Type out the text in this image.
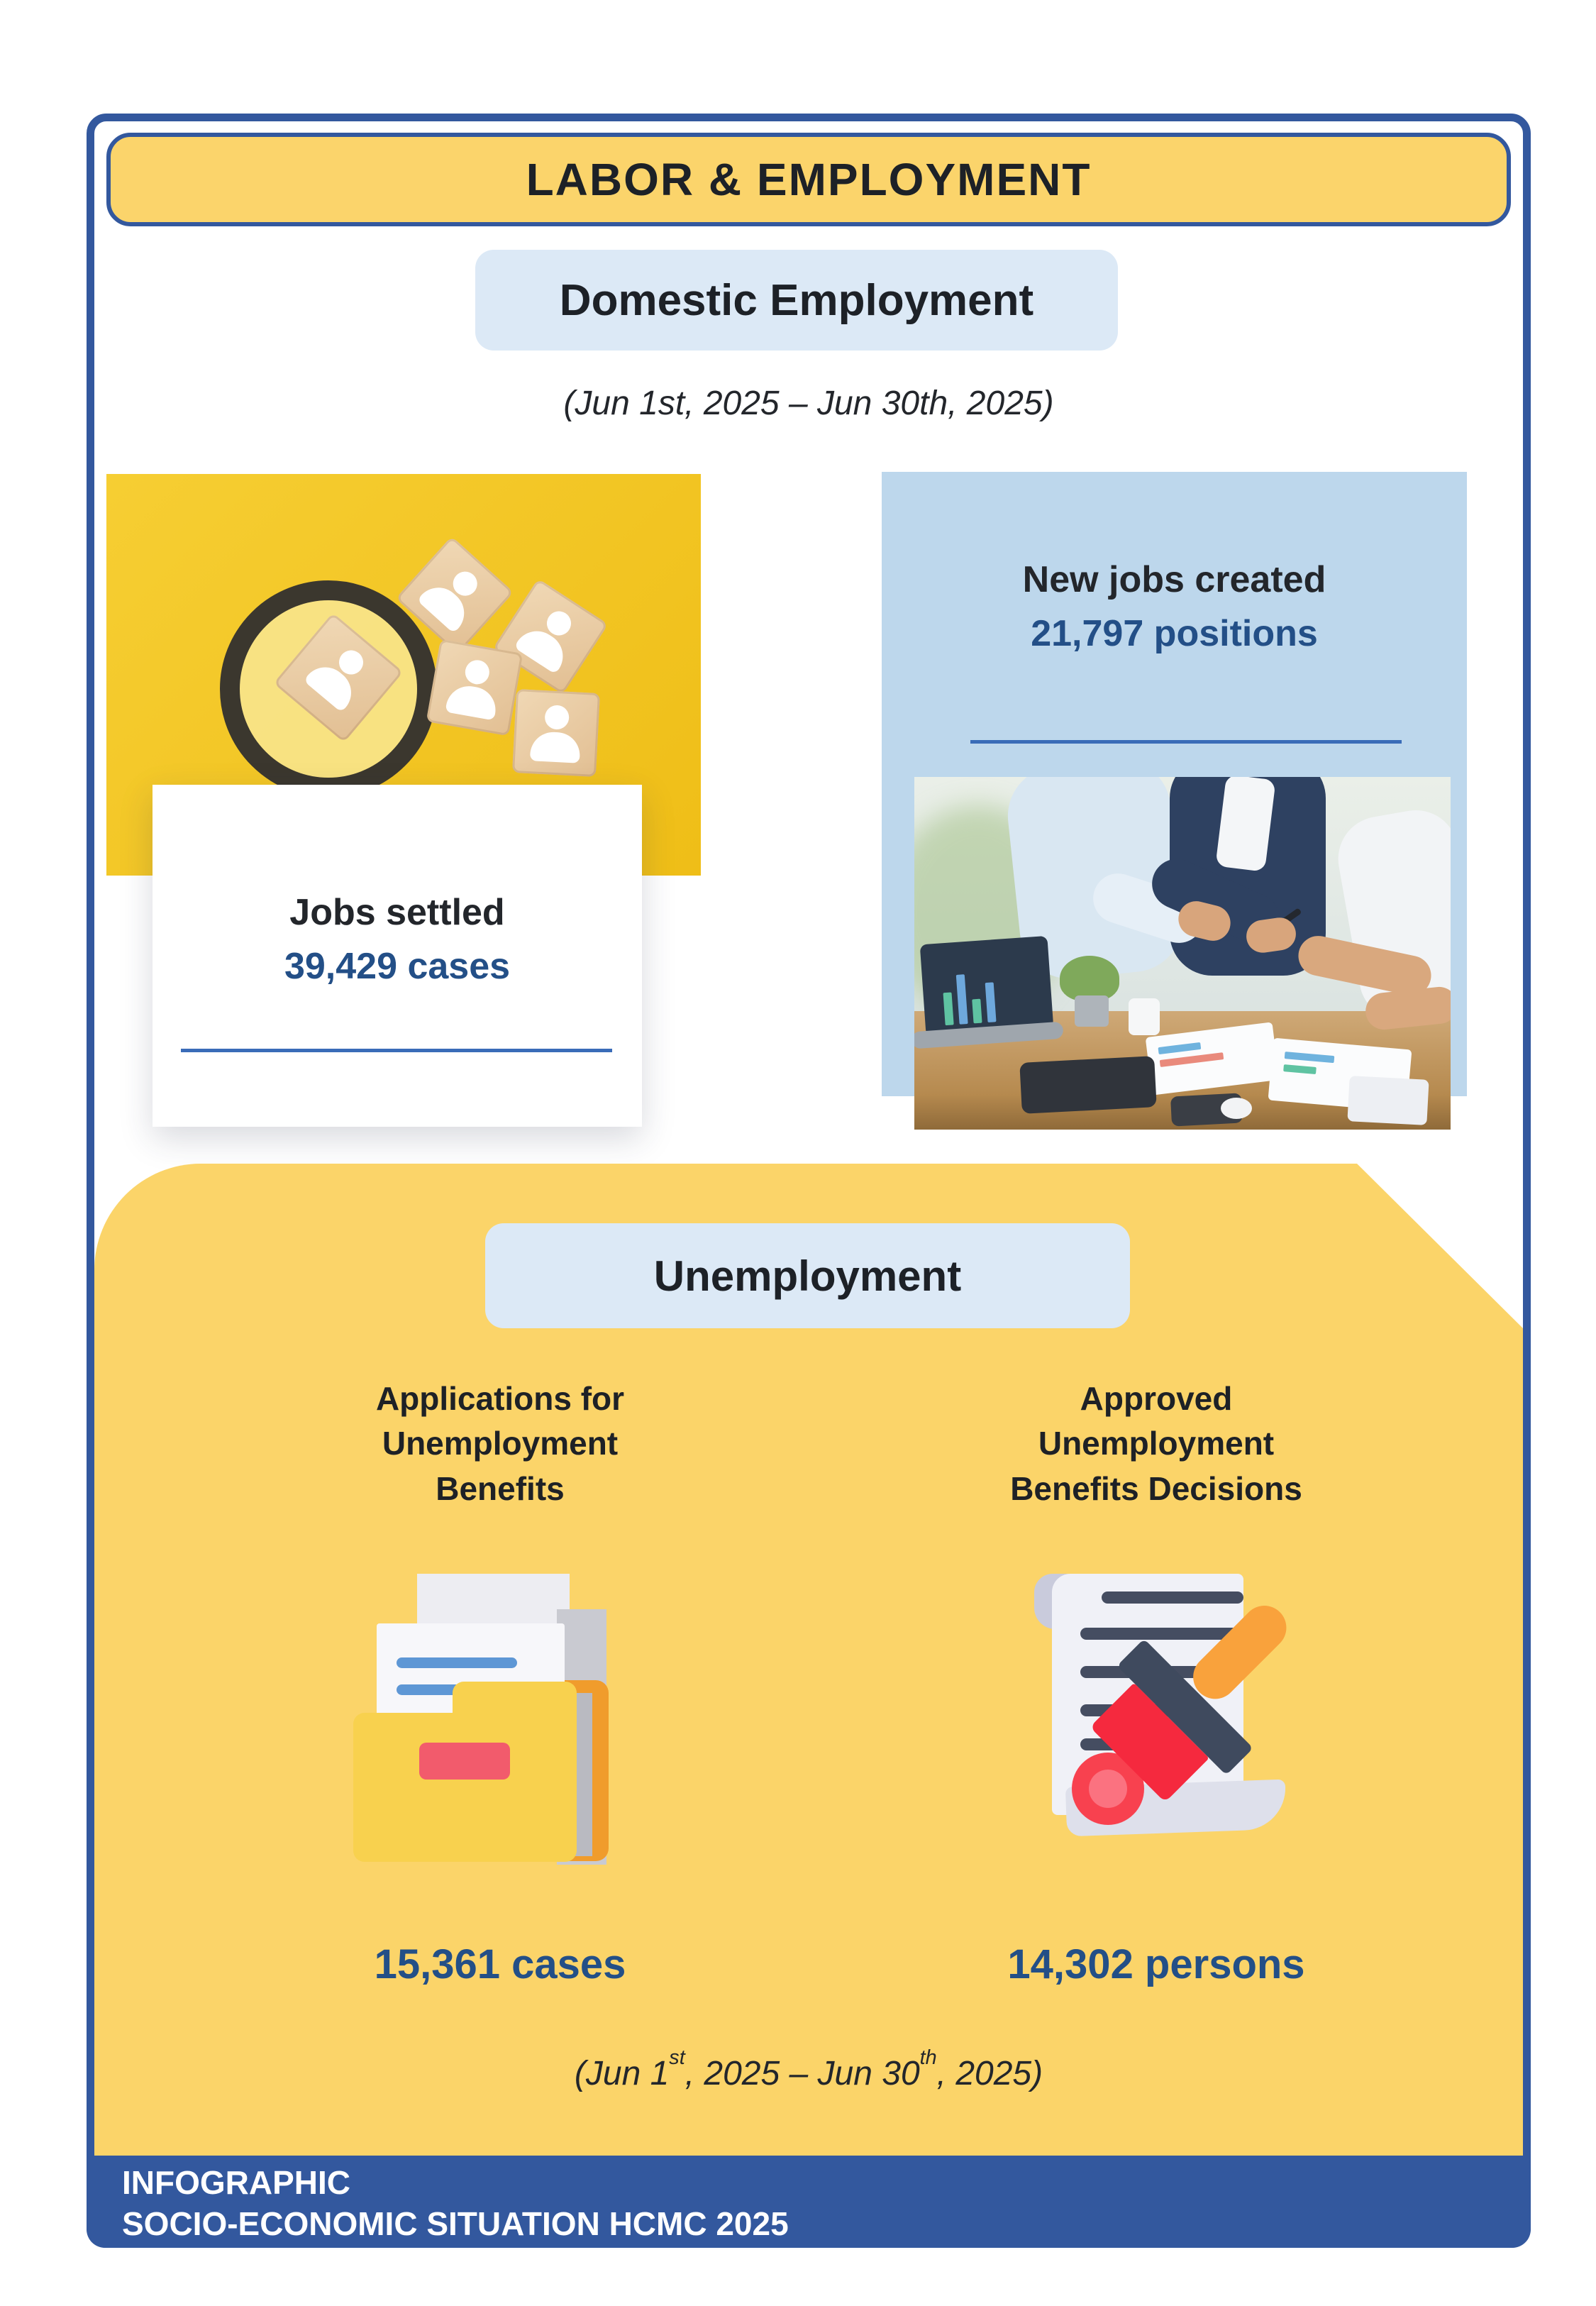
LABOR & EMPLOYMENT
Domestic Employment
(Jun 1st, 2025 – Jun 30th, 2025)
Jobs settled
39,429 cases
New jobs created
21,797 positions
Unemployment
Applications for
Unemployment
Benefits
Approved
Unemployment
Benefits Decisions
15,361 cases	14,302 persons
(Jun 1st, 2025 – Jun 30th, 2025)
INFOGRAPHIC
SOCIO-ECONOMIC SITUATION HCMC 2025
